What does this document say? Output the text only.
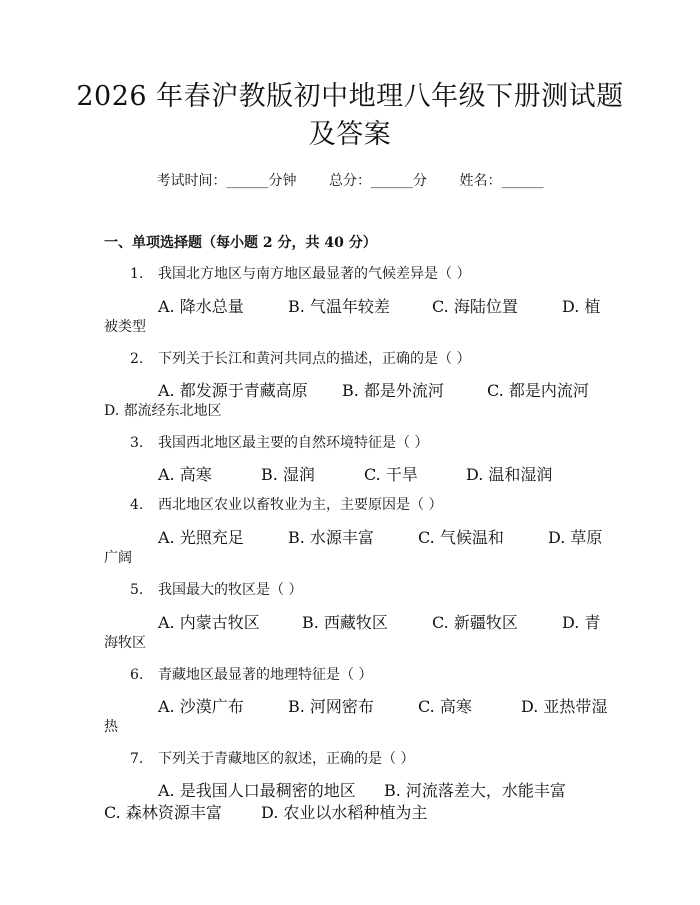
2026 年春沪教版初中地理八年级下册测试题
及答案
考试时间：______分钟 总分：______分 姓名：______
一、单项选择题（每小题 2 分，共 40 分）
1. 我国北方地区与南方地区最显著的气候差异是（ ）
A. 降水总量	B. 气温年较差	C. 海陆位置	D. 植
被类型
2. 下列关于长江和黄河共同点的描述，正确的是（ ）
A. 都发源于青藏高原 B. 都是外流河	C. 都是内流河
D. 都流经东北地区
3. 我国西北地区最主要的自然环境特征是（ ）
A. 高寒	B. 湿润	C. 干旱	D. 温和湿润
4. 西北地区农业以畜牧业为主，主要原因是（ ）
A. 光照充足	B. 水源丰富	C. 气候温和	D. 草原
广阔
5. 我国最大的牧区是（ ）
A. 内蒙古牧区	B. 西藏牧区	C. 新疆牧区	D. 青
海牧区
6. 青藏地区最显著的地理特征是（ ）
A. 沙漠广布	B. 河网密布	C. 高寒	D. 亚热带湿
热
7. 下列关于青藏地区的叙述，正确的是（ ）
A. 是我国人口最稠密的地区 B. 河流落差大，水能丰富
C. 森林资源丰富 D. 农业以水稻种植为主
